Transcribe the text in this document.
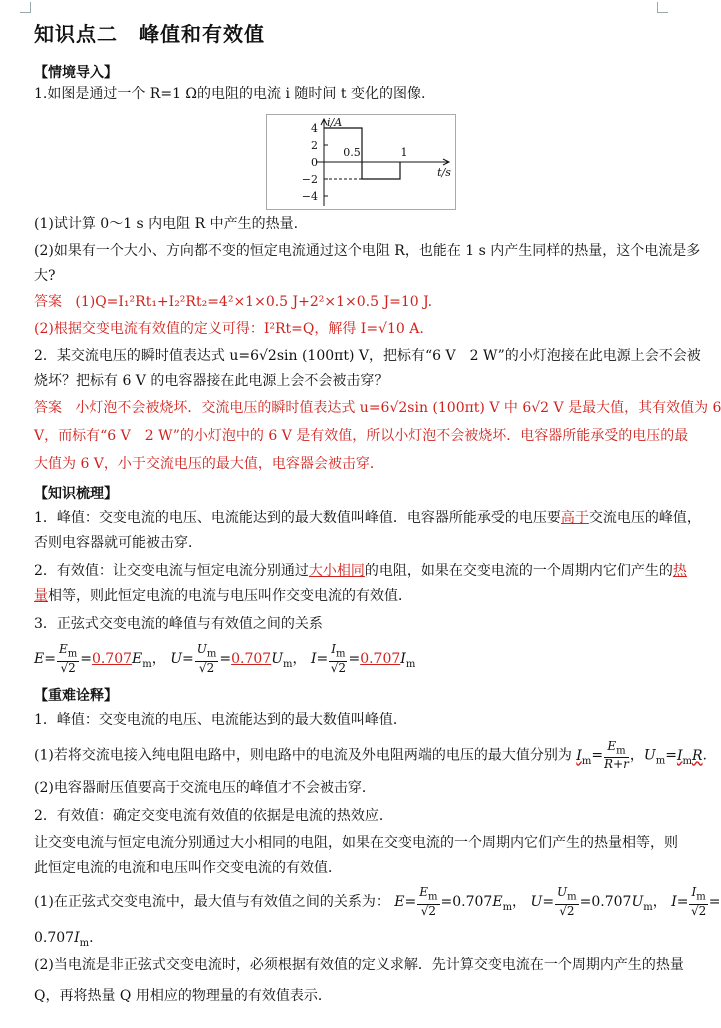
知识点二　峰值和有效值
【情境导入】
1.如图是通过一个 R=1 Ω的电阻的电流 i 随时间 t 变化的图像.
i/A
t/s
4
2
0
−2
−4
0.5	1
(1)试计算 0～1 s 内电阻 R 中产生的热量.
(2)如果有一个大小、方向都不变的恒定电流通过这个电阻 R，也能在 1 s 内产生同样的热量，这个电流是多
大?
答案 (1)Q=I₁²Rt₁+I₂²Rt₂=4²×1×0.5 J+2²×1×0.5 J=10 J.
(2)根据交变电流有效值的定义可得：I²Rt=Q，解得 I=√10 A.
2．某交流电压的瞬时值表达式 u=6√2sin (100πt) V，把标有“6 V　2 W”的小灯泡接在此电源上会不会被
烧坏？把标有 6 V 的电容器接在此电源上会不会被击穿？
答案 小灯泡不会被烧坏．交流电压的瞬时值表达式 u=6√2sin (100πt) V 中 6√2 V 是最大值，其有效值为 6
V，而标有“6 V　2 W”的小灯泡中的 6 V 是有效值，所以小灯泡不会被烧坏．电容器所能承受的电压的最
大值为 6 V，小于交流电压的最大值，电容器会被击穿．
【知识梳理】
1．峰值：交变电流的电压、电流能达到的最大数值叫峰值．电容器所能承受的电压要高于交流电压的峰值，
否则电容器就可能被击穿．
2．有效值：让交变电流与恒定电流分别通过大小相同的电阻，如果在交变电流的一个周期内它们产生的热
量相等，则此恒定电流的电流与电压叫作交变电流的有效值．
3．正弦式交变电流的峰值与有效值之间的关系
$E= \frac{E_m}{√2} =0.707E_m$， $U= \frac{U_m}{√2} =0.707U_m$， $I= \frac{I_m}{√2} =0.707I_m$
【重难诠释】
1．峰值：交变电流的电压、电流能达到的最大数值叫峰值．
(1)若将交流电接入纯电阻电路中，则电路中的电流及外电阻两端的电压的最大值分别为 $I_m= \frac{E_m}{R+r}$ ，$U_m=I_mR$.
(2)电容器耐压值要高于交流电压的峰值才不会被击穿．
2．有效值：确定交变电流有效值的依据是电流的热效应．
让交变电流与恒定电流分别通过大小相同的电阻，如果在交变电流的一个周期内它们产生的热量相等，则
此恒定电流的电流和电压叫作交变电流的有效值．
(1)在正弦式交变电流中，最大值与有效值之间的关系为： $E= \frac{E_m}{√2} =0.707E_m$， $U= \frac{U_m}{√2} =0.707U_m$， $I= \frac{I_m}{√2}$ =
$0.707I_m$.
(2)当电流是非正弦式交变电流时，必须根据有效值的定义求解．先计算交变电流在一个周期内产生的热量
Q，再将热量 Q 用相应的物理量的有效值表示．
